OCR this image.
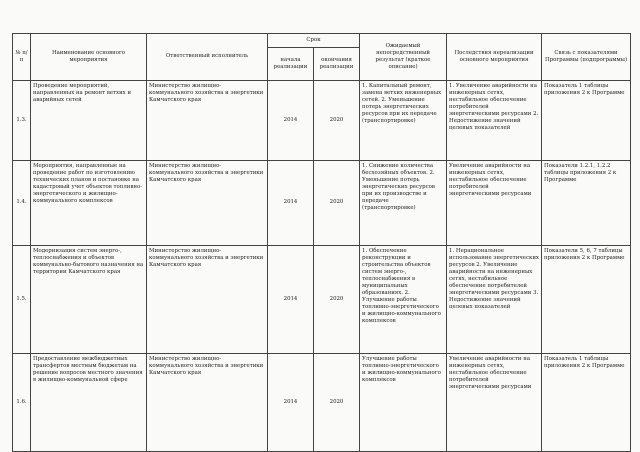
№ п/п	Наименование основного мероприятия	Ответственный исполнитель	Срок		Ожидаемый непосредственный результат (краткое описание)	Последствия нереализации основного мероприятия	Связь с показателями Программы (подпрограммы)
			начала реализации	окончания реализации			
1.3.	Проведение мероприятий, направленных на ремонт ветхих и аварийных сетей	Министерство жилищно-коммунального хозяйства и энергетики Камчатского края	2014	2020	1. Капитальный ремонт, замена ветхих инженерных сетей. 2. Уменьшение потерь энергетических ресурсов при их передаче (транспортировке)	1. Увеличение аварийности на инженерных сетях, нестабильное обеспечение потребителей энергетическими ресурсами 2. Недостижение значений целевых показателей	Показатель 1 таблицы приложения 2 к Программе
1.4.	Мероприятия, направленные на проведение работ по изготовлению технических планов и постановке на кадастровый учет объектов топливно-энергетического и жилищно-коммунального комплексов	Министерство жилищно-коммунального хозяйства и энергетики Камчатского края	2014	2020	1. Снижение количества бесхозяйных объектов. 2. Уменьшение потерь энергетических ресурсов при их производстве и передаче (транспортировке)	Увеличение аварийности на инженерных сетях, нестабильное обеспечение потребителей энергетическими ресурсами	Показатели 1.2.1, 1.2.2 таблицы приложения 2 к Программе
1.5.	Модернизация систем энерго-, теплоснабжения и объектов коммунально-бытового назначения на территории Камчатского края	Министерство жилищно-коммунального хозяйства и энергетики Камчатского края	2014	2020	1. Обеспечение реконструкции и строительства объектов систем энерго-, теплоснабжения в муниципальных образованиях. 2. Улучшение работы топливно-энергетического и жилищно-коммунального комплексов	1. Нерациональное использование энергетических ресурсов 2. Увеличение аварийности на инженерных сетях, нестабильное обеспечение потребителей энергетическими ресурсами 3. Недостижение значений целевых показателей	Показатели 5, 6, 7 таблицы приложения 2 к Программе
1.6.	Предоставление межбюджетных трансфертов местным бюджетам на решение вопросов местного значения в жилищно-коммунальной сфере	Министерство жилищно-коммунального хозяйства и энергетики Камчатского края	2014	2020	Улучшение работы топливно-энергетического и жилищно-коммунального комплексов	Увеличение аварийности на инженерных сетях, нестабильное обеспечение потребителей энергетическими ресурсами	Показатель 1 таблицы приложения 2 к Программе
